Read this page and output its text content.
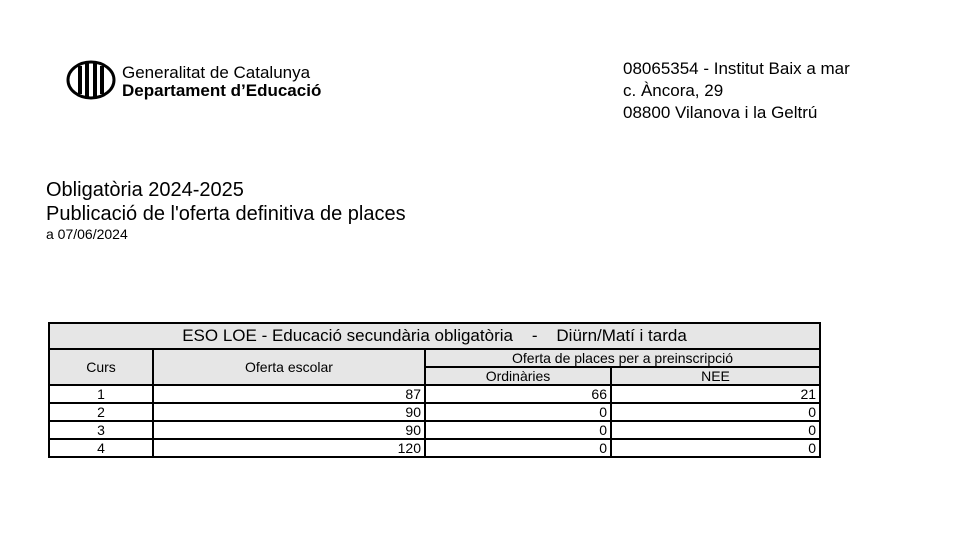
Generalitat de Catalunya
Departament d’Educació
08065354 - Institut Baix a mar
c. Àncora, 29
08800 Vilanova i la Geltrú
Obligatòria 2024-2025
Publicació de l'oferta definitiva de places
a 07/06/2024
ESO LOE - Educació secundària obligatòria    -    Diürn/Matí i tarda			
Curs	Oferta escolar	Oferta de places per a preinscripció	
		Ordinàries	NEE
1	87	66	21
2	90	0	0
3	90	0	0
4	120	0	0
